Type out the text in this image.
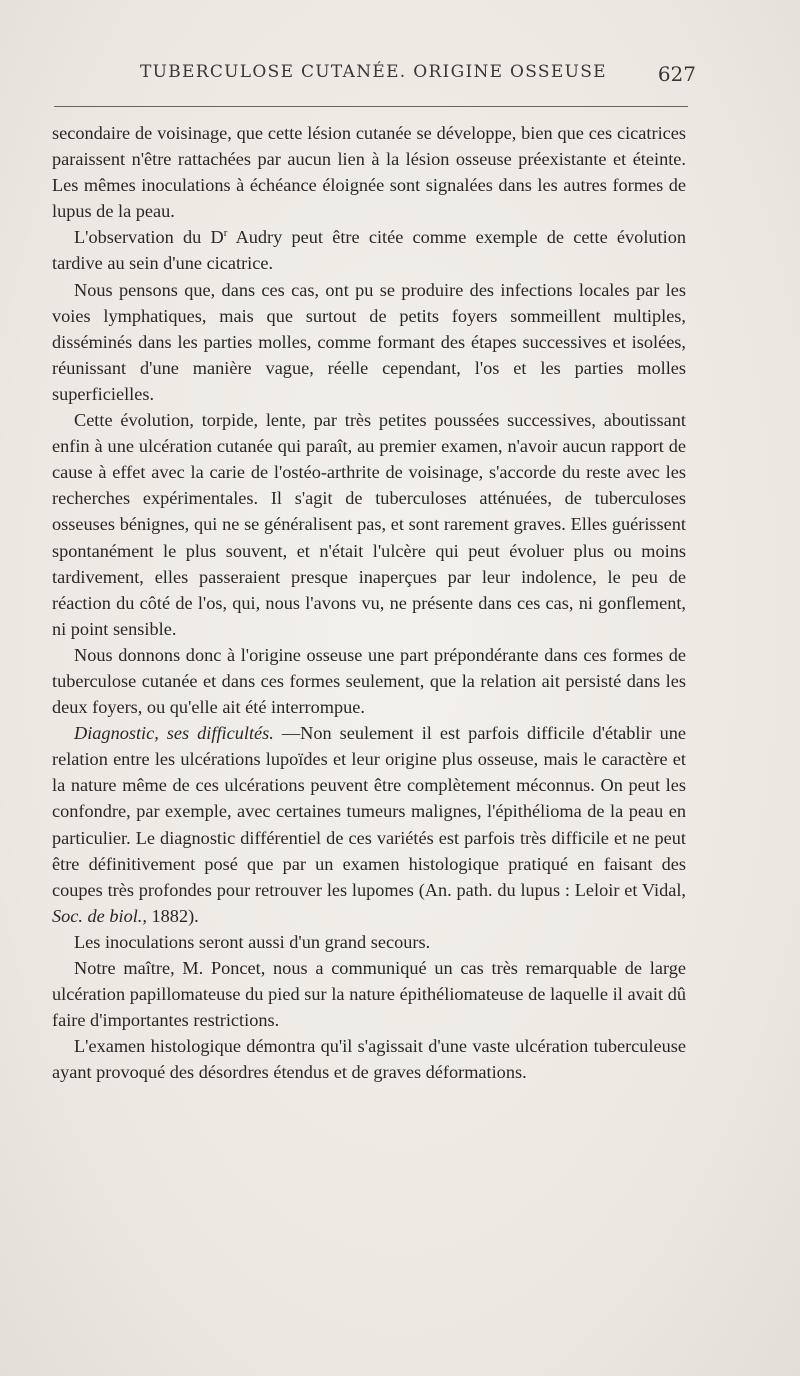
TUBERCULOSE CUTANÉE. ORIGINE OSSEUSE	627

secondaire de voisinage, que cette lésion cutanée se développe, bien que ces cicatrices paraissent n'être rattachées par aucun lien à la lésion osseuse préexistante et éteinte. Les mêmes inoculations à échéance éloignée sont signalées dans les autres formes de lupus de la peau.

L'observation du $D^r$ Audry peut être citée comme exemple de cette évolution tardive au sein d'une cicatrice.

Nous pensons que, dans ces cas, ont pu se produire des infections locales par les voies lymphatiques, mais que surtout de petits foyers sommeillent multiples, disséminés dans les parties molles, comme formant des étapes successives et isolées, réunissant d'une manière vague, réelle cependant, l'os et les parties molles superficielles.

Cette évolution, torpide, lente, par très petites poussées successives, aboutissant enfin à une ulcération cutanée qui paraît, au premier examen, n'avoir aucun rapport de cause à effet avec la carie de l'ostéo-arthrite de voisinage, s'accorde du reste avec les recherches expérimentales. Il s'agit de tuberculoses atténuées, de tuberculoses osseuses bénignes, qui ne se généralisent pas, et sont rarement graves. Elles guérissent spontanément le plus souvent, et n'était l'ulcère qui peut évoluer plus ou moins tardivement, elles passeraient presque inaperçues par leur indolence, le peu de réaction du côté de l'os, qui, nous l'avons vu, ne présente dans ces cas, ni gonflement, ni point sensible.

Nous donnons donc à l'origine osseuse une part prépondérante dans ces formes de tuberculose cutanée et dans ces formes seulement, que la relation ait persisté dans les deux foyers, ou qu'elle ait été interrompue.

Diagnostic, ses difficultés. —Non seulement il est parfois difficile d'établir une relation entre les ulcérations lupoïdes et leur origine plus osseuse, mais le caractère et la nature même de ces ulcérations peuvent être complètement méconnus. On peut les confondre, par exemple, avec certaines tumeurs malignes, l'épithélioma de la peau en particulier. Le diagnostic différentiel de ces variétés est parfois très difficile et ne peut être définitivement posé que par un examen histologique pratiqué en faisant des coupes très profondes pour retrouver les lupomes (An. path. du lupus : Leloir et Vidal, Soc. de biol., 1882).

Les inoculations seront aussi d'un grand secours.

Notre maître, M. Poncet, nous a communiqué un cas très remarquable de large ulcération papillomateuse du pied sur la nature épithéliomateuse de laquelle il avait dû faire d'importantes restrictions.

L'examen histologique démontra qu'il s'agissait d'une vaste ulcération tuberculeuse ayant provoqué des désordres étendus et de graves déformations.
